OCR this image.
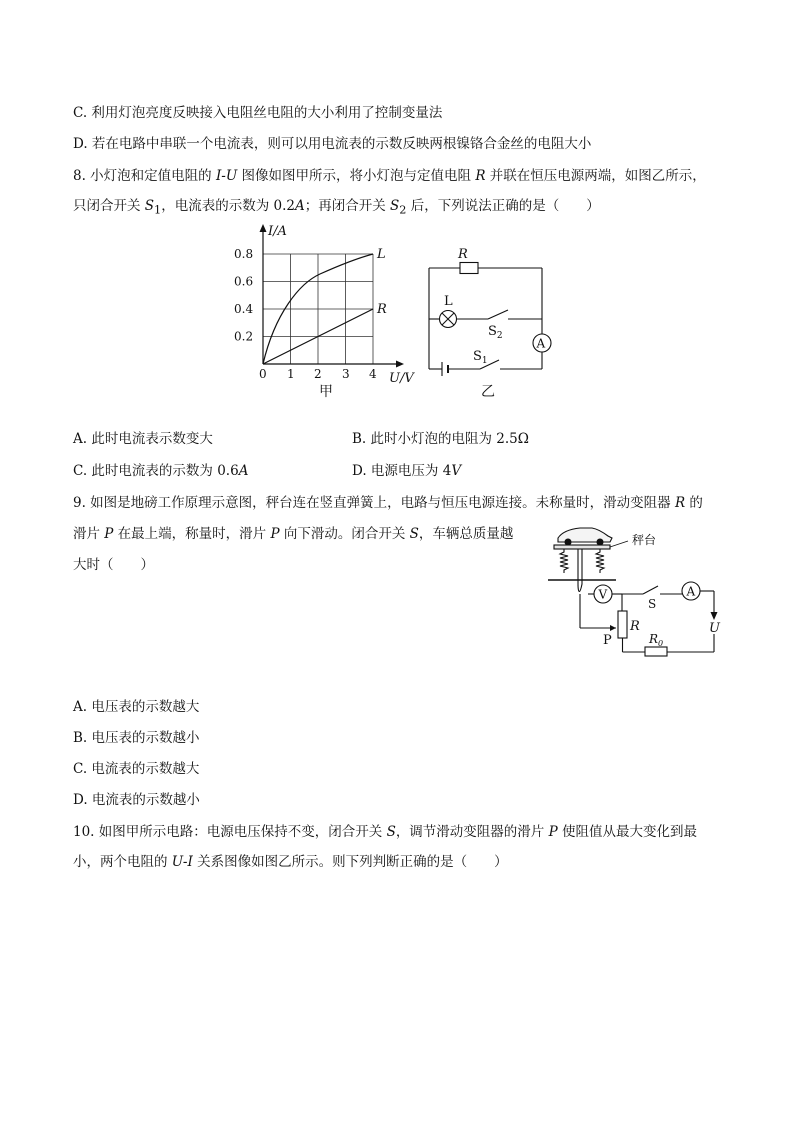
C. 利用灯泡亮度反映接入电阻丝电阻的大小利用了控制变量法
D. 若在电路中串联一个电流表，则可以用电流表的示数反映两根镍铬合金丝的电阻大小
8. 小灯泡和定值电阻的 I-U 图像如图甲所示，将小灯泡与定值电阻 R 并联在恒压电源两端，如图乙所示，
只闭合开关 $S_1$，电流表的示数为 0.2A；再闭合开关 $S_2$ 后，下列说法正确的是（　　）
I/A
U/V
0.8
0.6
0.4
0.2
0 1 2 3 4
L
R
甲
R
L
$S_2$
A
$S_1$
乙
A. 此时电流表示数变大	B. 此时小灯泡的电阻为 2.5Ω
C. 此时电流表的示数为 0.6A	D. 电源电压为 4V
9. 如图是地磅工作原理示意图，秤台连在竖直弹簧上，电路与恒压电源连接。未称量时，滑动变阻器 R 的
滑片 P 在最上端，称量时，滑片 P 向下滑动。闭合开关 S，车辆总质量越
大时（　　）
秤台
V	A
S
R
P	$R_0$
U
A. 电压表的示数越大
B. 电压表的示数越小
C. 电流表的示数越大
D. 电流表的示数越小
10. 如图甲所示电路：电源电压保持不变，闭合开关 S，调节滑动变阻器的滑片 P 使阻值从最大变化到最
小，两个电阻的 U-I 关系图像如图乙所示。则下列判断正确的是（　　）
